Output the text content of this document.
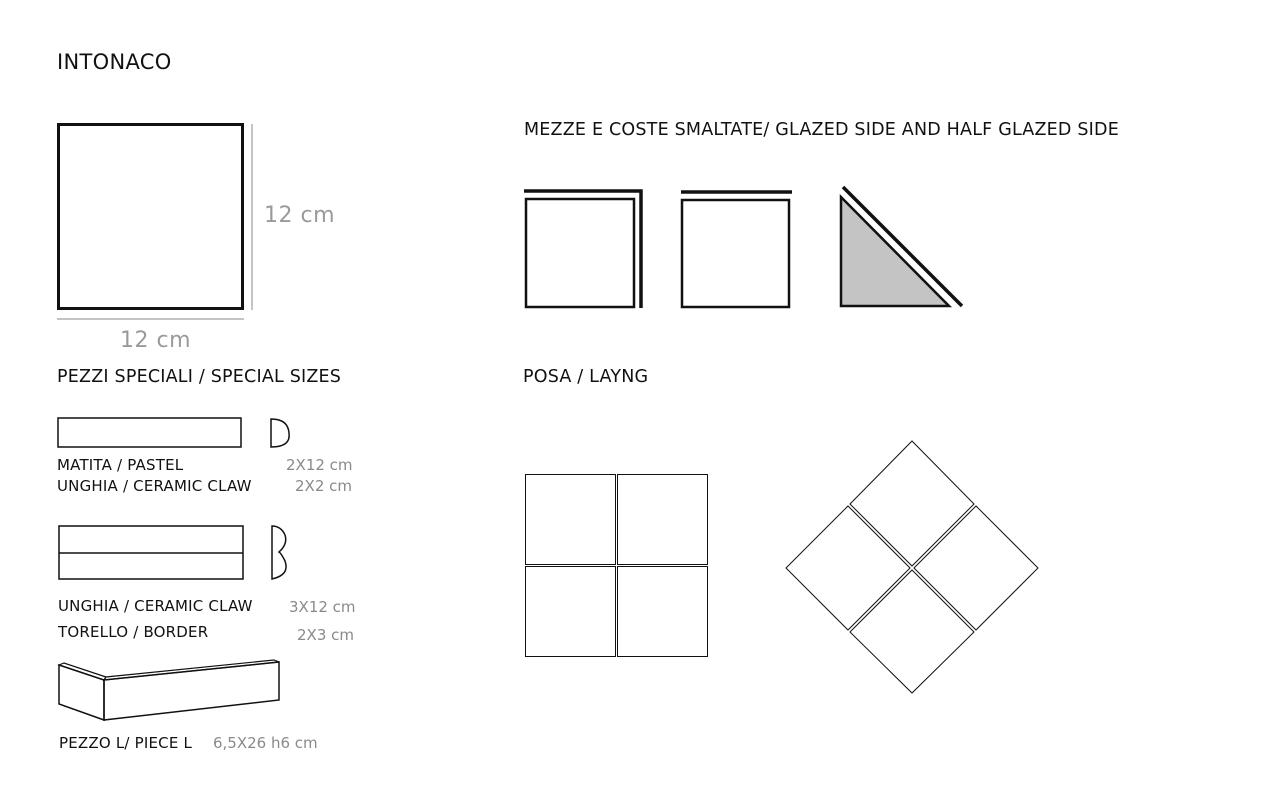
INTONACO
12 cm
12 cm
MEZZE E COSTE SMALTATE/ GLAZED SIDE AND HALF GLAZED SIDE
PEZZI SPECIALI / SPECIAL SIZES
MATITA / PASTEL	2X12 cm
UNGHIA / CERAMIC CLAW	2X2 cm
UNGHIA / CERAMIC CLAW 3X12 cm
TORELLO / BORDER	2X3 cm
PEZZO L/ PIECE L 6,5X26 h6 cm
POSA / LAYNG
